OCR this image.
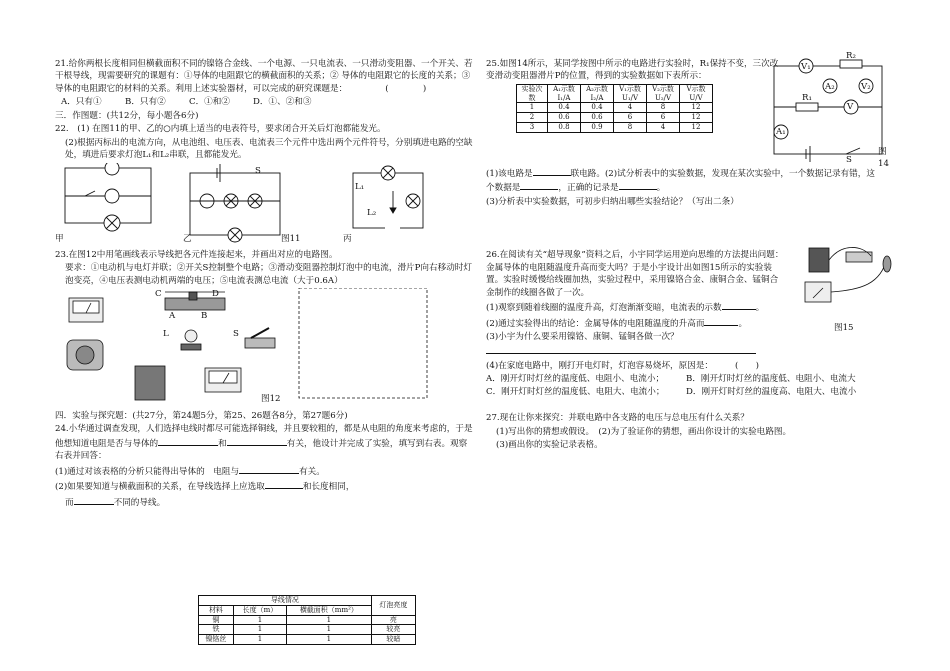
21.给你两根长度相同但横截面积不同的镍铬合金线、一个电源、一只电流表、一只滑动变阻器、一个开关、若干根导线，现需要研究的课题有：①导体的电阻跟它的横截面积的关系；② 导体的电阻跟它的长度的关系；③ 导体的电阻跟它的材料的关系。利用上述实验器材，可以完成的研究课题是：	(　　　　)

A．只有①	B．只有②	C．①和②	D．①、②和③

三．作图题：(共12分，每小题各6分)

22.　(1) 在图11的甲、乙的○内填上适当的电表符号，要求闭合开关后灯泡都能发光。

(2)根据丙标出的电流方向，从电池组、电压表、电流表三个元件中选出两个元件符号，分别填进电路的空缺处，填进后要求灯泡L₁和L₂串联，且都能发光。

甲	乙	图11	丙
S
L₁
L₂

23.在图12中用笔画线表示导线把各元件连接起来，并画出对应的电路图。

要求：①电动机与电灯并联；②开关S控制整个电路；③滑动变阻器控制灯泡中的电流，滑片P向右移动时灯泡变亮，④电压表测电动机两端的电压；⑤电流表测总电流（大于0.6A）

C	D
A	B
L	S
图12

四．实验与探究题：(共27分，第24题5分，第25、26题各8分，第27题6分)

24.小华通过调查发现，人们选择电线时都尽可能选择铜线，并且要较粗的，都是从电阻的角度来考虑的，于是他想知道电阻是否与导体的	和	有关，他设计并完成了实验，填写到右表。观察右表并回答：

(1)通过对该表格的分析只能得出导体的　电阻与	有关。

(2)如果要知道与横截面积的关系，在导线选择上应选取	和长度相同，

而	不同的导线。

导线情况			灯泡亮度
材料	长度（m）	横截面积（mm²）	
铜	1	1	亮
铁	1	1	较亮
镍铬丝	1	1	较暗

25.如图14所示，某同学按图中所示的电路进行实验时，R₁保持不变，三次改变滑动变阻器滑片P的位置，得到的实验数据如下表所示：

实验次数	A₁示数 I₁/A	A₂示数 I₂/A	V₁示数 U₁/V	V₂示数 U₂/V	V示数 U/V
1	0.4	0.4	4	8	12
2	0.6	0.6	6	6	12
3	0.8	0.9	8	4	12
V₁
A₂	V₂
R₂
R₁
V
A₁
S
图14

(1)该电路是	联电路。(2)试分析表中的实验数据，发现在某次实验中，一个数据记录有错，这个数据是	，正确的记录是	。

(3)分析表中实验数据，可初步归纳出哪些实验结论？（写出二条）

26.在阅读有关“超导现象”资料之后，小宇同学运用逆向思维的方法提出问题：金属导体的电阻随温度升高而变大吗？于是小宇设计出如图15所示的实验装置。实验时缓慢给线圈加热，实验过程中，采用镍铬合金、康铜合金、锰铜合金制作的线圈各做了一次。

(1)观察到随着线圈的温度升高，灯泡渐渐变暗，电流表的示数	。

(2)通过实验得出的结论：金属导体的电阻随温度的升高而	。

(3)小宇为什么要采用镍铬、康铜、锰铜各做一次？

(4)在家庭电路中，刚打开电灯时，灯泡容易烧坏，原因是：	(　　)

A．刚开灯时灯丝的温度低、电阻小、电流小；	B．刚开灯时灯丝的温度低、电阻小、电流大
C．刚开灯时灯丝的温度低、电阻大、电流小；	D．刚开灯时灯丝的温度高、电阻大、电流小
图15

27.现在让你来探究：并联电路中各支路的电压与总电压有什么关系？

(1)写出你的猜想或假设。　(2)为了验证你的猜想，画出你设计的实验电路图。

(3)画出你的实验记录表格。
